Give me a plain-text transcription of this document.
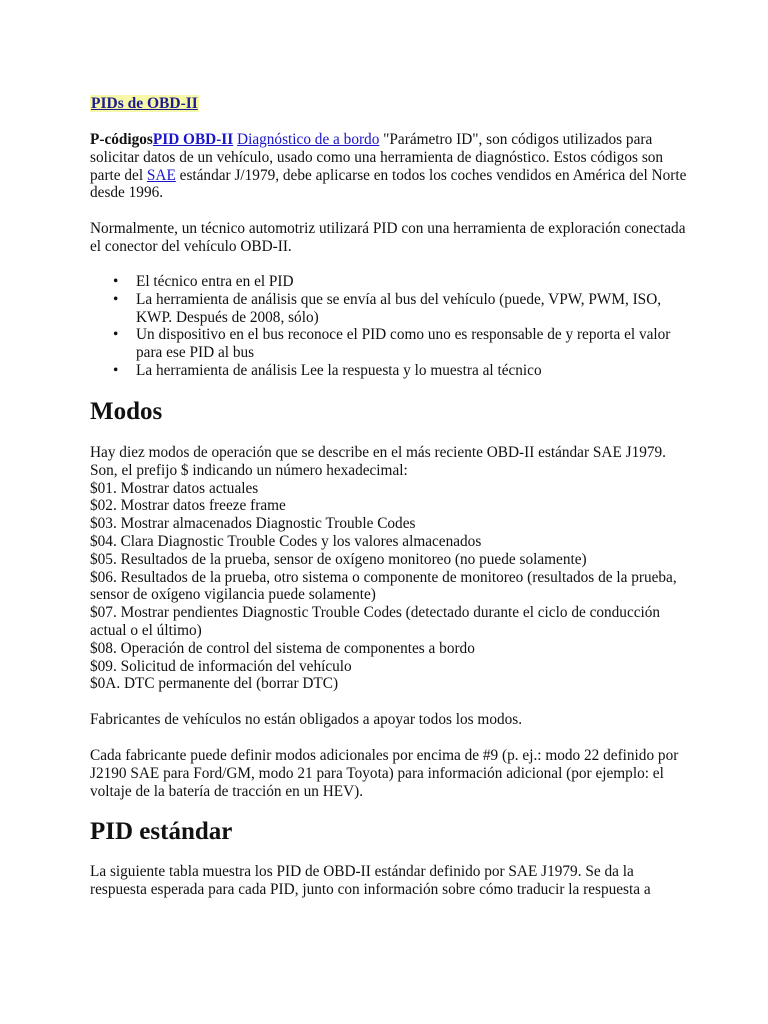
PIDs de OBD-II

P-códigosPID OBD-II Diagnóstico de a bordo "Parámetro ID", son códigos utilizados para solicitar datos de un vehículo, usado como una herramienta de diagnóstico. Estos códigos son parte del SAE estándar J/1979, debe aplicarse en todos los coches vendidos en América del Norte desde 1996.

Normalmente, un técnico automotriz utilizará PID con una herramienta de exploración conectada el conector del vehículo OBD-II.

• El técnico entra en el PID
• La herramienta de análisis que se envía al bus del vehículo (puede, VPW, PWM, ISO, KWP. Después de 2008, sólo)
• Un dispositivo en el bus reconoce el PID como uno es responsable de y reporta el valor para ese PID al bus
• La herramienta de análisis Lee la respuesta y lo muestra al técnico
Modos

Hay diez modos de operación que se describe en el más reciente OBD-II estándar SAE J1979. Son, el prefijo $ indicando un número hexadecimal:
$01. Mostrar datos actuales
$02. Mostrar datos freeze frame
$03. Mostrar almacenados Diagnostic Trouble Codes
$04. Clara Diagnostic Trouble Codes y los valores almacenados
$05. Resultados de la prueba, sensor de oxígeno monitoreo (no puede solamente)
$06. Resultados de la prueba, otro sistema o componente de monitoreo (resultados de la prueba, sensor de oxígeno vigilancia puede solamente)
$07. Mostrar pendientes Diagnostic Trouble Codes (detectado durante el ciclo de conducción actual o el último)
$08. Operación de control del sistema de componentes a bordo
$09. Solicitud de información del vehículo
$0A. DTC permanente del (borrar DTC)

Fabricantes de vehículos no están obligados a apoyar todos los modos.

Cada fabricante puede definir modos adicionales por encima de #9 (p. ej.: modo 22 definido por J2190 SAE para Ford/GM, modo 21 para Toyota) para información adicional (por ejemplo: el voltaje de la batería de tracción en un HEV).

PID estándar

La siguiente tabla muestra los PID de OBD-II estándar definido por SAE J1979. Se da la respuesta esperada para cada PID, junto con información sobre cómo traducir la respuesta a
